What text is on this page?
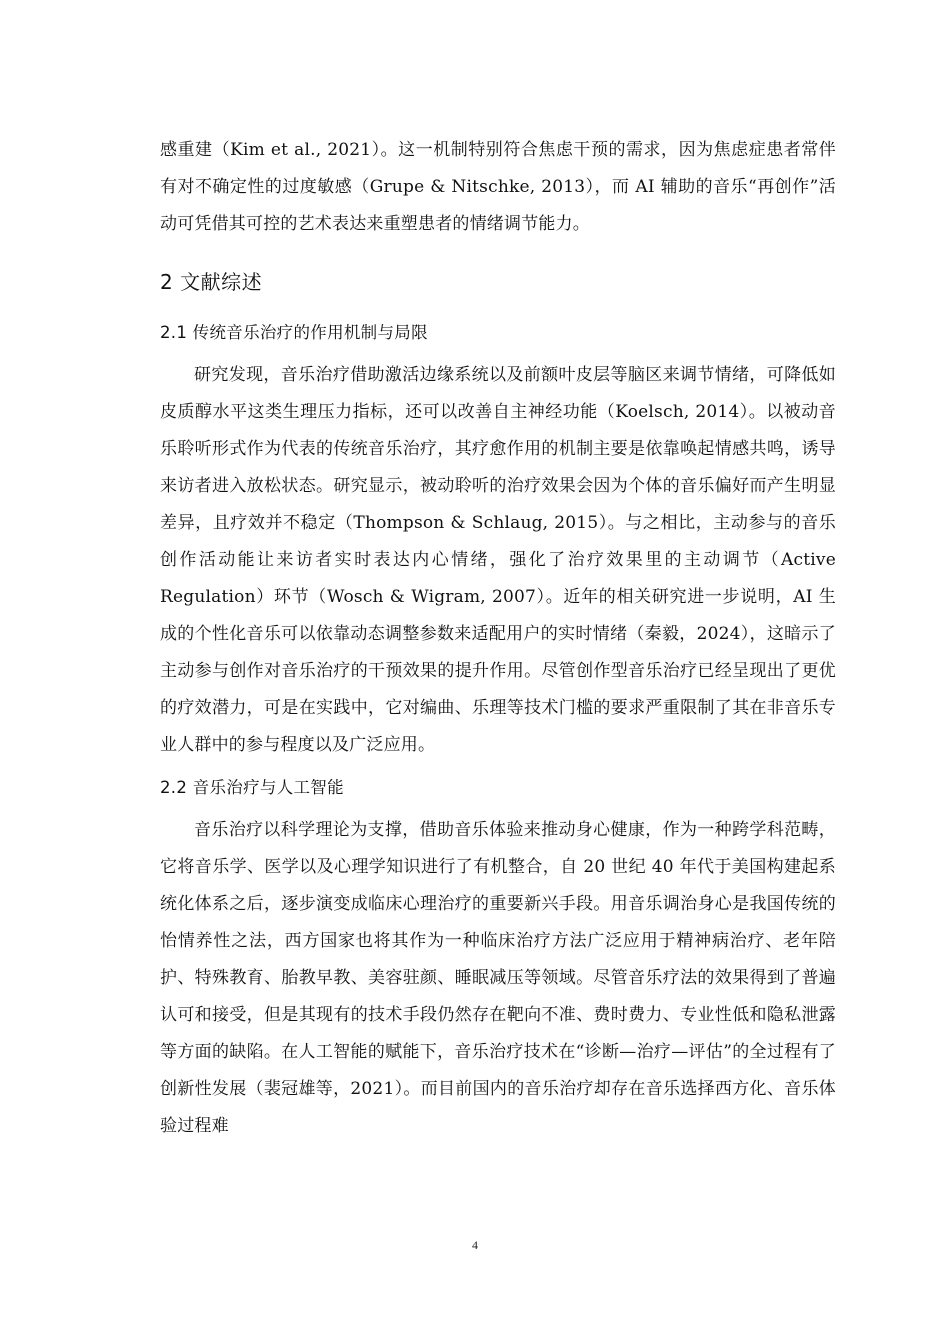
感重建（Kim et al., 2021）。这一机制特别符合焦虑干预的需求，因为焦虑症患者常伴有对不确定性的过度敏感（Grupe & Nitschke, 2013），而 AI 辅助的音乐“再创作”活动可凭借其可控的艺术表达来重塑患者的情绪调节能力。

2 文献综述
2.1 传统音乐治疗的作用机制与局限

研究发现，音乐治疗借助激活边缘系统以及前额叶皮层等脑区来调节情绪，可降低如皮质醇水平这类生理压力指标，还可以改善自主神经功能（Koelsch, 2014）。以被动音乐聆听形式作为代表的传统音乐治疗，其疗愈作用的机制主要是依靠唤起情感共鸣，诱导来访者进入放松状态。研究显示，被动聆听的治疗效果会因为个体的音乐偏好而产生明显差异，且疗效并不稳定（Thompson & Schlaug, 2015）。与之相比，主动参与的音乐创作活动能让来访者实时表达内心情绪，强化了治疗效果里的主动调节（Active Regulation）环节（Wosch & Wigram, 2007）。近年的相关研究进一步说明，AI 生成的个性化音乐可以依靠动态调整参数来适配用户的实时情绪（秦毅，2024），这暗示了主动参与创作对音乐治疗的干预效果的提升作用。尽管创作型音乐治疗已经呈现出了更优的疗效潜力，可是在实践中，它对编曲、乐理等技术门槛的要求严重限制了其在非音乐专业人群中的参与程度以及广泛应用。

2.2 音乐治疗与人工智能

音乐治疗以科学理论为支撑，借助音乐体验来推动身心健康，作为一种跨学科范畴，它将音乐学、医学以及心理学知识进行了有机整合，自 20 世纪 40 年代于美国构建起系统化体系之后，逐步演变成临床心理治疗的重要新兴手段。用音乐调治身心是我国传统的怡情养性之法，西方国家也将其作为一种临床治疗方法广泛应用于精神病治疗、老年陪护、特殊教育、胎教早教、美容驻颜、睡眠减压等领域。尽管音乐疗法的效果得到了普遍认可和接受，但是其现有的技术手段仍然存在靶向不准、费时费力、专业性低和隐私泄露等方面的缺陷。在人工智能的赋能下，音乐治疗技术在“诊断—治疗—评估”的全过程有了创新性发展（裴冠雄等，2021）。而目前国内的音乐治疗却存在音乐选择西方化、音乐体验过程难

4
